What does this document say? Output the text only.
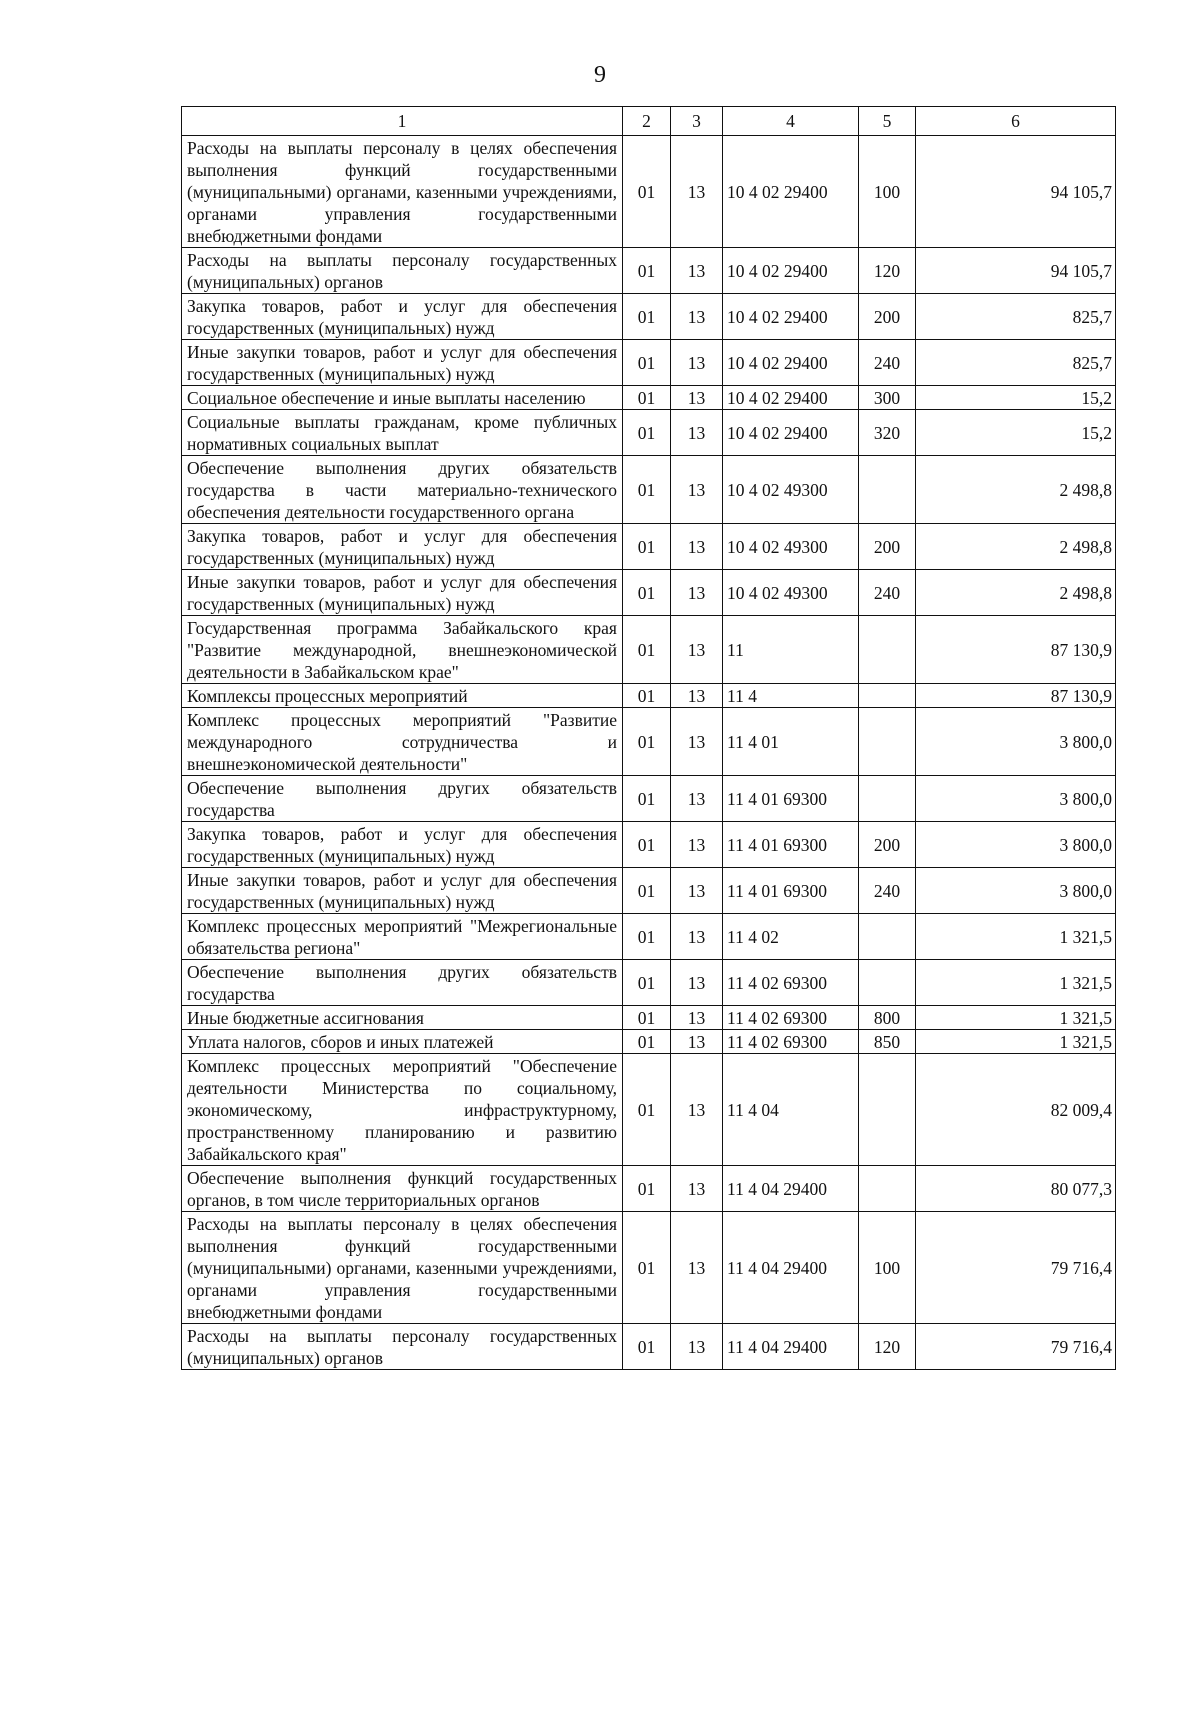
9
1	2	3	4	5	6
Расходы на выплаты персоналу в целях обеспечения выполнения функций государственными (муниципальными) органами, казенными учреждениями, органами управления государственными внебюджетными фондами	01	13	10 4 02 29400	100	94 105,7
Расходы на выплаты персоналу государственных (муниципальных) органов	01	13	10 4 02 29400	120	94 105,7
Закупка товаров, работ и услуг для обеспечения государственных (муниципальных) нужд	01	13	10 4 02 29400	200	825,7
Иные закупки товаров, работ и услуг для обеспечения государственных (муниципальных) нужд	01	13	10 4 02 29400	240	825,7
Социальное обеспечение и иные выплаты населению	01	13	10 4 02 29400	300	15,2
Социальные выплаты гражданам, кроме публичных нормативных социальных выплат	01	13	10 4 02 29400	320	15,2
Обеспечение выполнения других обязательств государства в части материально-технического обеспечения деятельности государственного органа	01	13	10 4 02 49300		2 498,8
Закупка товаров, работ и услуг для обеспечения государственных (муниципальных) нужд	01	13	10 4 02 49300	200	2 498,8
Иные закупки товаров, работ и услуг для обеспечения государственных (муниципальных) нужд	01	13	10 4 02 49300	240	2 498,8
Государственная программа Забайкальского края "Развитие международной, внешнеэкономической деятельности в Забайкальском крае"	01	13	11		87 130,9
Комплексы процессных мероприятий	01	13	11 4		87 130,9
Комплекс процессных мероприятий "Развитие международного сотрудничества и внешнеэкономической деятельности"	01	13	11 4 01		3 800,0
Обеспечение выполнения других обязательств государства	01	13	11 4 01 69300		3 800,0
Закупка товаров, работ и услуг для обеспечения государственных (муниципальных) нужд	01	13	11 4 01 69300	200	3 800,0
Иные закупки товаров, работ и услуг для обеспечения государственных (муниципальных) нужд	01	13	11 4 01 69300	240	3 800,0
Комплекс процессных мероприятий "Межрегиональные обязательства региона"	01	13	11 4 02		1 321,5
Обеспечение выполнения других обязательств государства	01	13	11 4 02 69300		1 321,5
Иные бюджетные ассигнования	01	13	11 4 02 69300	800	1 321,5
Уплата налогов, сборов и иных платежей	01	13	11 4 02 69300	850	1 321,5
Комплекс процессных мероприятий "Обеспечение деятельности Министерства по социальному, экономическому, инфраструктурному, пространственному планированию и развитию Забайкальского края"	01	13	11 4 04		82 009,4
Обеспечение выполнения функций государственных органов, в том числе территориальных органов	01	13	11 4 04 29400		80 077,3
Расходы на выплаты персоналу в целях обеспечения выполнения функций государственными (муниципальными) органами, казенными учреждениями, органами управления государственными внебюджетными фондами	01	13	11 4 04 29400	100	79 716,4
Расходы на выплаты персоналу государственных (муниципальных) органов	01	13	11 4 04 29400	120	79 716,4
